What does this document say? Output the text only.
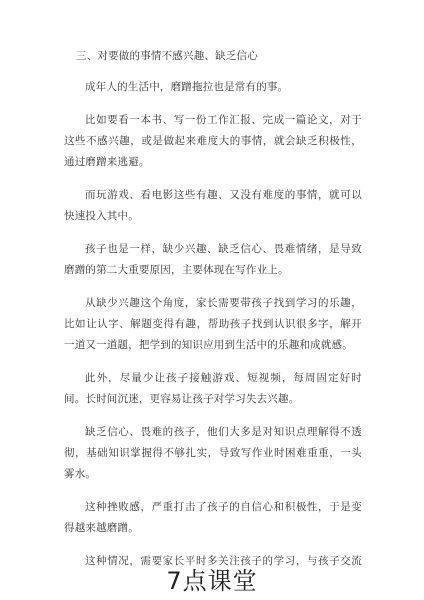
三、对要做的事情不感兴趣、缺乏信心

成年人的生活中，磨蹭拖拉也是常有的事。

比如要看一本书、写一份工作汇报、完成一篇论文，对于这些不感兴趣，或是做起来难度大的事情，就会缺乏积极性，通过磨蹭来逃避。

而玩游戏、看电影这些有趣、又没有难度的事情，就可以快速投入其中。

孩子也是一样，缺少兴趣、缺乏信心、畏难情绪，是导致磨蹭的第二大重要原因，主要体现在写作业上。

从缺少兴趣这个角度，家长需要带孩子找到学习的乐趣，比如让认字、解题变得有趣，帮助孩子找到认识很多字，解开一道又一道题，把学到的知识应用到生活中的乐趣和成就感。

此外，尽量少让孩子接触游戏、短视频，每周固定好时间。长时间沉迷，更容易让孩子对学习失去兴趣。

缺乏信心、畏难的孩子，他们大多是对知识点理解得不透彻，基础知识掌握得不够扎实，导致写作业时困难重重，一头雾水。

这种挫败感，严重打击了孩子的自信心和积极性，于是变得越来越磨蹭。

这种情况，需要家长平时多关注孩子的学习，与孩子交流

7点课堂
